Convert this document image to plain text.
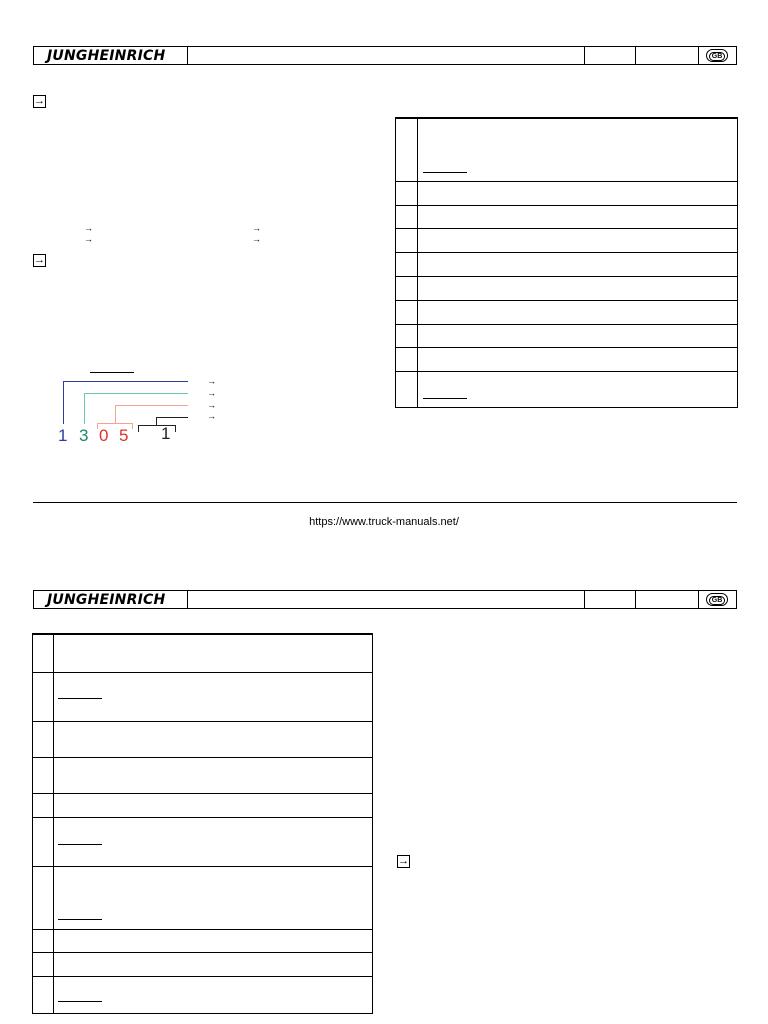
JUNGHEINRICH	GB
→
→
→
→
→
→
→
→
→
→
1 3 0 5 1
https://www.truck-manuals.net/
JUNGHEINRICH	GB
→
